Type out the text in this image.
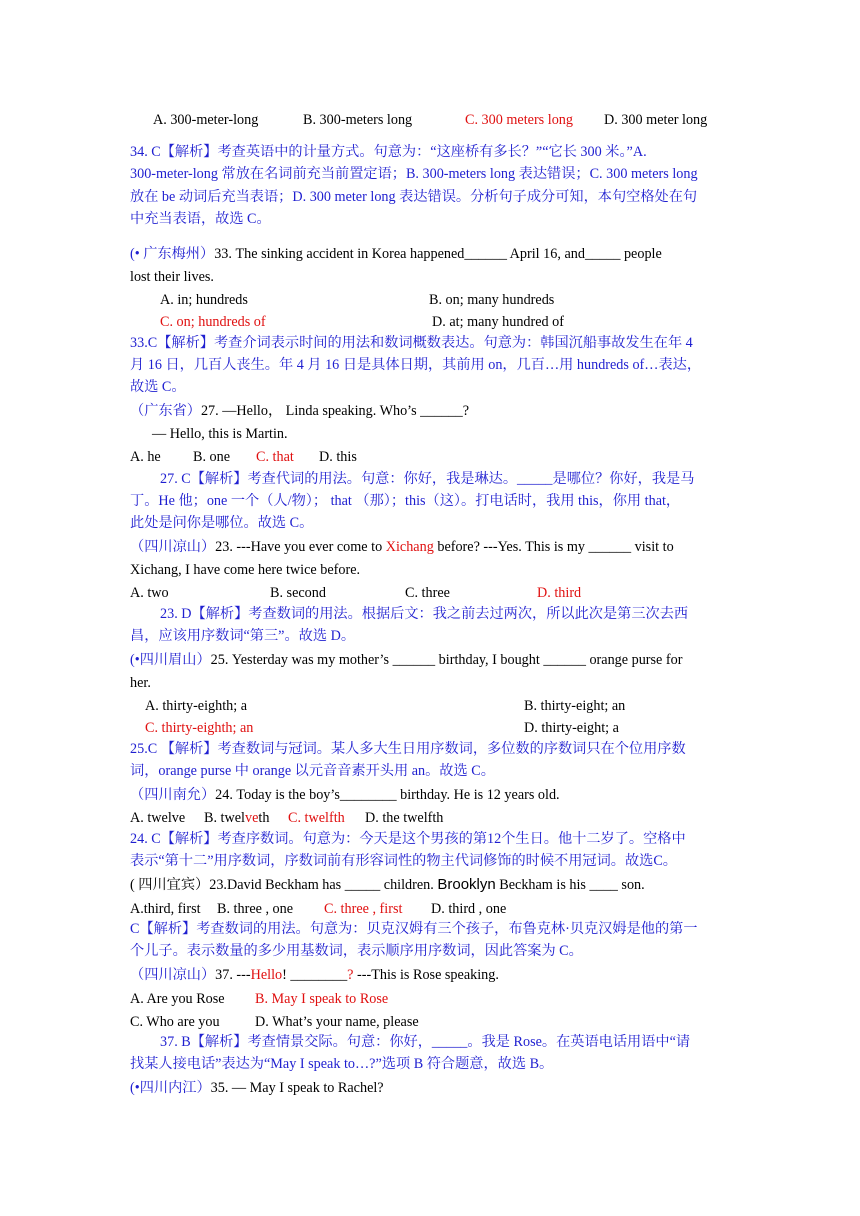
A. 300-meter-long	B. 300-meters long	C. 300 meters long D. 300 meter long
34. C【解析】考查英语中的计量方式。句意为：“这座桥有多长？”“它长 300 米。”A.
300-meter-long 常放在名词前充当前置定语；B. 300-meters long 表达错误；C. 300 meters long
放在 be 动词后充当表语；D. 300 meter long 表达错误。分析句子成分可知，本句空格处在句
中充当表语，故选 C。
(• 广东梅州）33. The sinking accident in Korea happened______ April 16, and_____ people
lost their lives.
A. in; hundreds	B. on; many hundreds
C. on; hundreds of	D. at; many hundred of
33.C【解析】考查介词表示时间的用法和数词概数表达。句意为：韩国沉船事故发生在年 4
月 16 日，几百人丧生。年 4 月 16 日是具体日期，其前用 on，几百…用 hundreds of…表达，
故选 C。
（广东省）27. —Hello， Linda speaking. Who’s ______?
— Hello, this is Martin.
A. he B. one C. that D. this
27. C【解析】考查代词的用法。句意：你好，我是琳达。_____是哪位？你好，我是马
丁。He 他；one 一个（人/物）； that （那）；this（这）。打电话时，我用 this，你用 that，
此处是问你是哪位。故选 C。
（四川凉山）23. ---Have you ever come to Xichang before? ---Yes. This is my ______ visit to
Xichang, I have come here twice before.
A. two	B. second	C. three	D. third
23. D【解析】考查数词的用法。根据后文：我之前去过两次，所以此次是第三次去西
昌，应该用序数词“第三”。故选 D。
(•四川眉山）25. Yesterday was my mother’s ______ birthday, I bought ______ orange purse for
her.
A. thirty-eighth; a	B. thirty-eight; an
C. thirty-eighth; an	D. thirty-eight; a
25.C 【解析】考查数词与冠词。某人多大生日用序数词，多位数的序数词只在个位用序数
词，orange purse 中 orange 以元音音素开头用 an。故选 C。
（四川南允）24. Today is the boy’s________ birthday. He is 12 years old.
A. twelve B. twelveth C. twelfth D. the twelfth
24. C【解析】考查序数词。句意为：今天是这个男孩的第12个生日。他十二岁了。空格中
表示“第十二”用序数词，序数词前有形容词性的物主代词修饰的时候不用冠词。故选C。
( 四川宜宾）23.David Beckham has _____ children. Brooklyn Beckham is his ____ son.
A.third, first B. three , one C. three , first D. third , one
C【解析】考查数词的用法。句意为：贝克汉姆有三个孩子，布鲁克林·贝克汉姆是他的第一
个儿子。表示数量的多少用基数词，表示顺序用序数词，因此答案为 C。
（四川凉山）37. ---Hello! ________? ---This is Rose speaking.
A. Are you Rose B. May I speak to Rose
C. Who are you D. What’s your name, please
37. B【解析】考查情景交际。句意：你好，_____。我是 Rose。在英语电话用语中“请
找某人接电话”表达为“May I speak to…?”选项 B 符合题意，故选 B。
(•四川内江）35. — May I speak to Rachel?
